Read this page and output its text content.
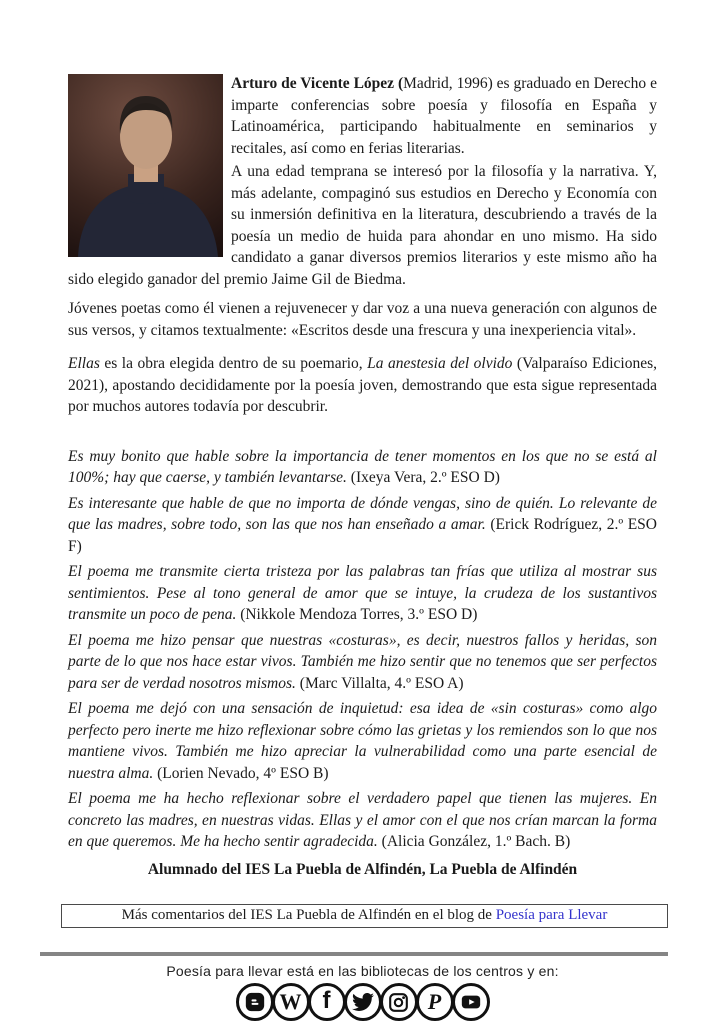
Arturo de Vicente López (Madrid, 1996) es graduado en Derecho e imparte conferencias sobre poesía y filosofía en España y Latinoamérica, participando habitualmente en seminarios y recitales, así como en ferias literarias.

A una edad temprana se interesó por la filosofía y la narrativa. Y, más adelante, compaginó sus estudios en Derecho y Economía con su inmersión definitiva en la literatura, descubriendo a través de la poesía un medio de huida para ahondar en uno mismo. Ha sido candidato a ganar diversos premios literarios y este mismo año ha sido elegido ganador del premio Jaime Gil de Biedma.

Jóvenes poetas como él vienen a rejuvenecer y dar voz a una nueva generación con algunos de sus versos, y citamos textualmente: «Escritos desde una frescura y una inexperiencia vital».

Ellas es la obra elegida dentro de su poemario, La anestesia del olvido (Valparaíso Ediciones, 2021), apostando decididamente por la poesía joven, demostrando que esta sigue representada por muchos autores todavía por descubrir.

Es muy bonito que hable sobre la importancia de tener momentos en los que no se está al 100%; hay que caerse, y también levantarse. (Ixeya Vera, 2.º ESO D)

Es interesante que hable de que no importa de dónde vengas, sino de quién. Lo relevante de que las madres, sobre todo, son las que nos han enseñado a amar. (Erick Rodríguez, 2.º ESO F)

El poema me transmite cierta tristeza por las palabras tan frías que utiliza al mostrar sus sentimientos. Pese al tono general de amor que se intuye, la crudeza de los sustantivos transmite un poco de pena. (Nikkole Mendoza Torres, 3.º ESO D)

El poema me hizo pensar que nuestras «costuras», es decir, nuestros fallos y heridas, son parte de lo que nos hace estar vivos. También me hizo sentir que no tenemos que ser perfectos para ser de verdad nosotros mismos. (Marc Villalta, 4.º ESO A)

El poema me dejó con una sensación de inquietud: esa idea de «sin costuras» como algo perfecto pero inerte me hizo reflexionar sobre cómo las grietas y los remiendos son lo que nos mantiene vivos. También me hizo apreciar la vulnerabilidad como una parte esencial de nuestra alma. (Lorien Nevado, 4º ESO B)

El poema me ha hecho reflexionar sobre el verdadero papel que tienen las mujeres. En concreto las madres, en nuestras vidas. Ellas y el amor con el que nos crían marcan la forma en que queremos. Me ha hecho sentir agradecida. (Alicia González, 1.º Bach. B)

Alumnado del IES La Puebla de Alfindén, La Puebla de Alfindén

Más comentarios del IES La Puebla de Alfindén en el blog de Poesía para Llevar

Poesía para llevar está en las bibliotecas de los centros y en:

W f	P
